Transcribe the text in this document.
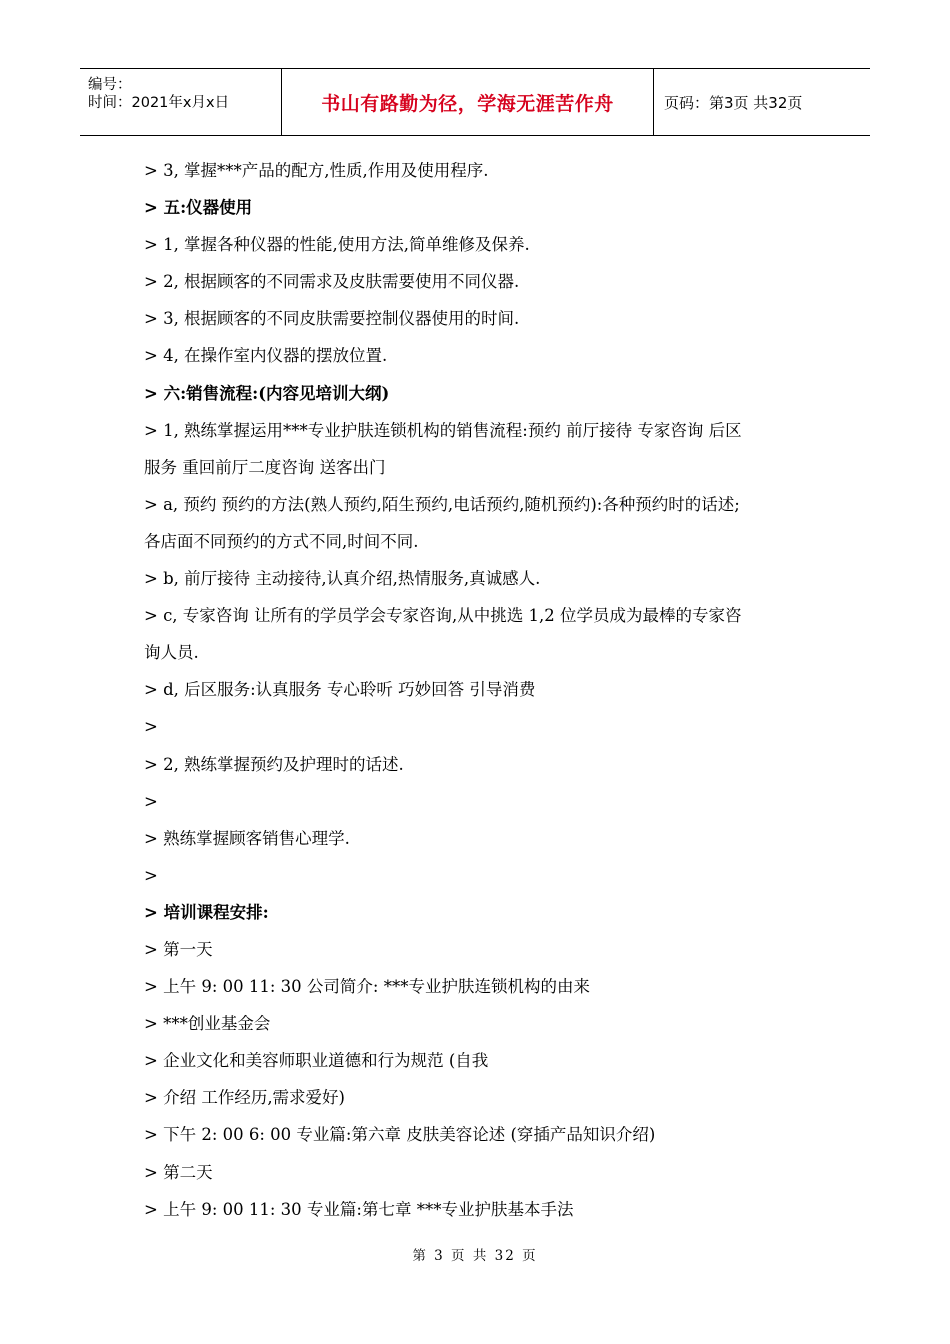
编号：
时间：2021年x月x日	书山有路勤为径，学海无涯苦作舟	页码：第3页 共32页
> 3, 掌握***产品的配方,性质,作用及使用程序.
> 五:仪器使用
> 1, 掌握各种仪器的性能,使用方法,简单维修及保养.
> 2, 根据顾客的不同需求及皮肤需要使用不同仪器.
> 3, 根据顾客的不同皮肤需要控制仪器使用的时间.
> 4, 在操作室内仪器的摆放位置.
> 六:销售流程:(内容见培训大纲)
> 1, 熟练掌握运用***专业护肤连锁机构的销售流程:预约 前厅接待 专家咨询 后区
服务 重回前厅二度咨询 送客出门
> a, 预约 预约的方法(熟人预约,陌生预约,电话预约,随机预约):各种预约时的话述;
各店面不同预约的方式不同,时间不同.
> b, 前厅接待 主动接待,认真介绍,热情服务,真诚感人.
> c, 专家咨询 让所有的学员学会专家咨询,从中挑选 1,2 位学员成为最棒的专家咨
询人员.
> d, 后区服务:认真服务 专心聆听 巧妙回答 引导消费
>
> 2, 熟练掌握预约及护理时的话述.
>
> 熟练掌握顾客销售心理学.
>
> 培训课程安排:
> 第一天
> 上午 9: 00 11: 30 公司简介: ***专业护肤连锁机构的由来
> ***创业基金会
> 企业文化和美容师职业道德和行为规范 (自我
> 介绍 工作经历,需求爱好)
> 下午 2: 00 6: 00 专业篇:第六章 皮肤美容论述 (穿插产品知识介绍)
> 第二天
> 上午 9: 00 11: 30 专业篇:第七章 ***专业护肤基本手法
第 3 页 共 32 页
